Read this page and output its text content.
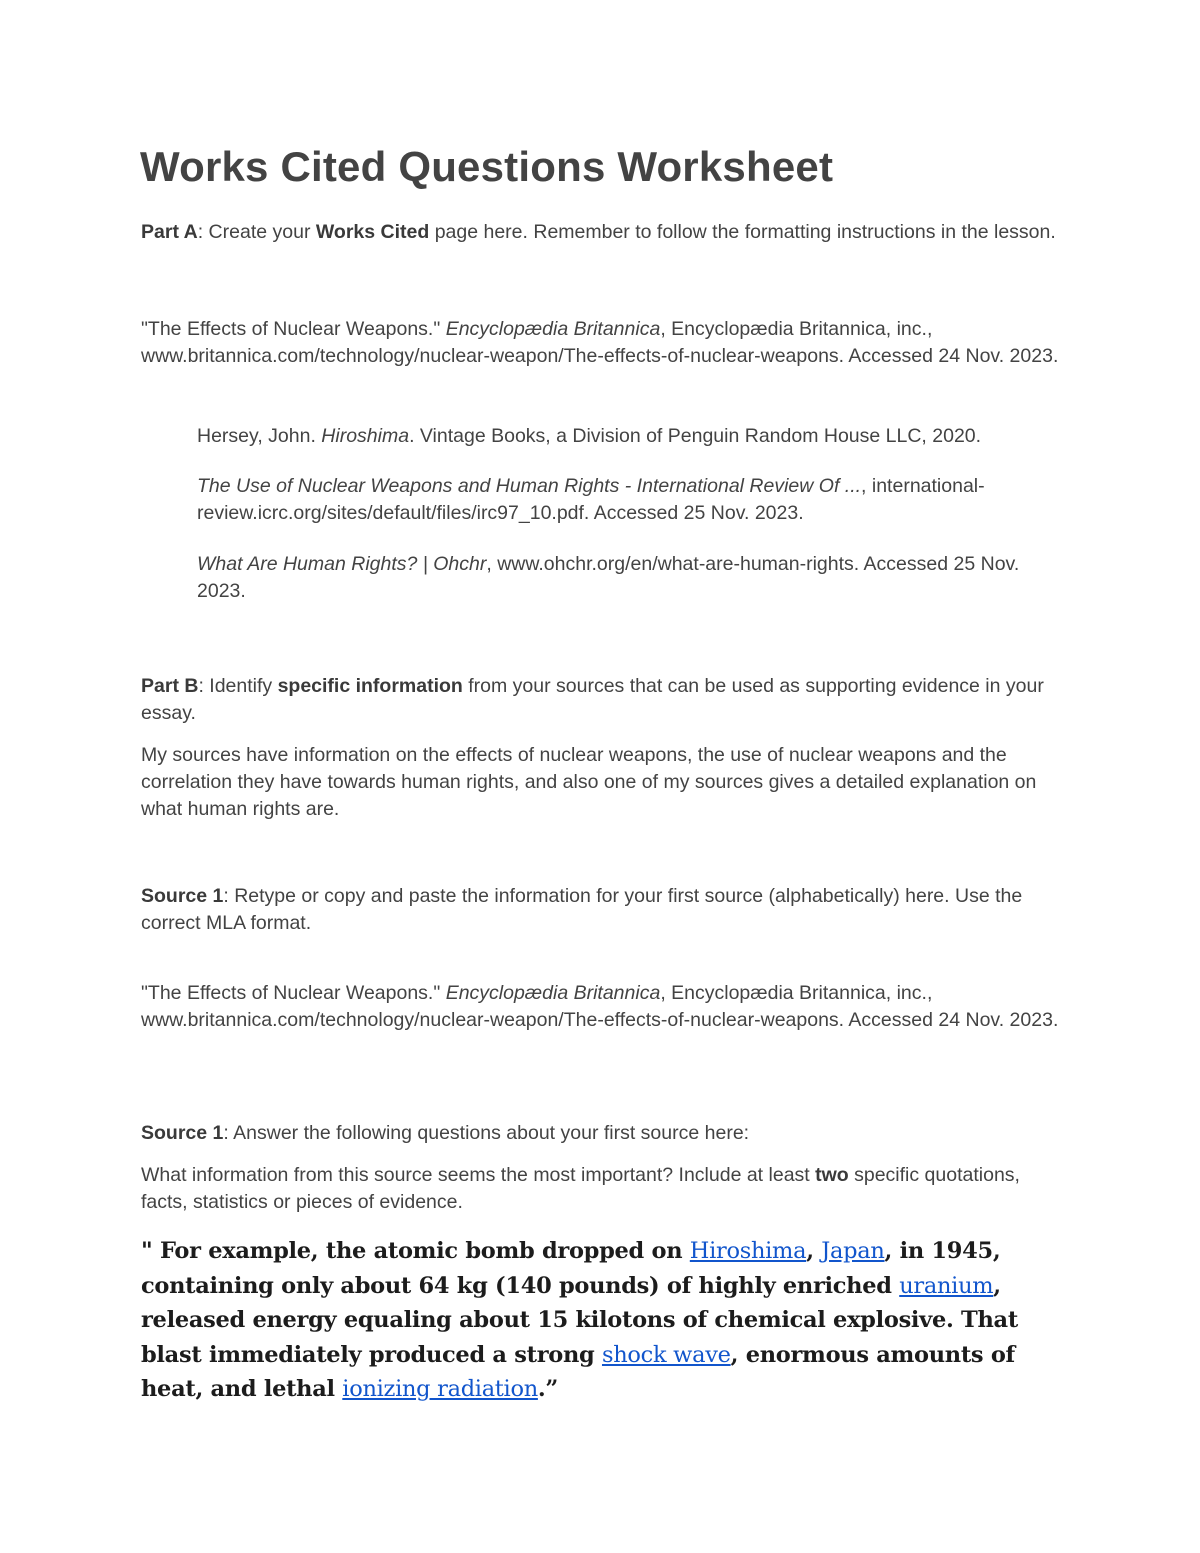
Works Cited Questions Worksheet

Part A: Create your Works Cited page here. Remember to follow the formatting instructions in the lesson.

"The Effects of Nuclear Weapons." Encyclopædia Britannica, Encyclopædia Britannica, inc., www.britannica.com/technology/nuclear-weapon/The-effects-of-nuclear-weapons. Accessed 24 Nov. 2023.

Hersey, John. Hiroshima. Vintage Books, a Division of Penguin Random House LLC, 2020.

The Use of Nuclear Weapons and Human Rights - International Review Of ..., international-review.icrc.org/sites/default/files/irc97_10.pdf. Accessed 25 Nov. 2023.

What Are Human Rights? | Ohchr, www.ohchr.org/en/what-are-human-rights. Accessed 25 Nov. 2023.

Part B: Identify specific information from your sources that can be used as supporting evidence in your essay.

My sources have information on the effects of nuclear weapons, the use of nuclear weapons and the correlation they have towards human rights, and also one of my sources gives a detailed explanation on what human rights are.

Source 1: Retype or copy and paste the information for your first source (alphabetically) here. Use the correct MLA format.

"The Effects of Nuclear Weapons." Encyclopædia Britannica, Encyclopædia Britannica, inc., www.britannica.com/technology/nuclear-weapon/The-effects-of-nuclear-weapons. Accessed 24 Nov. 2023.

Source 1: Answer the following questions about your first source here:

What information from this source seems the most important? Include at least two specific quotations, facts, statistics or pieces of evidence.

" For example, the atomic bomb dropped on Hiroshima, Japan, in 1945, containing only about 64 kg (140 pounds) of highly enriched uranium, released energy equaling about 15 kilotons of chemical explosive. That blast immediately produced a strong shock wave, enormous amounts of heat, and lethal ionizing radiation.”
